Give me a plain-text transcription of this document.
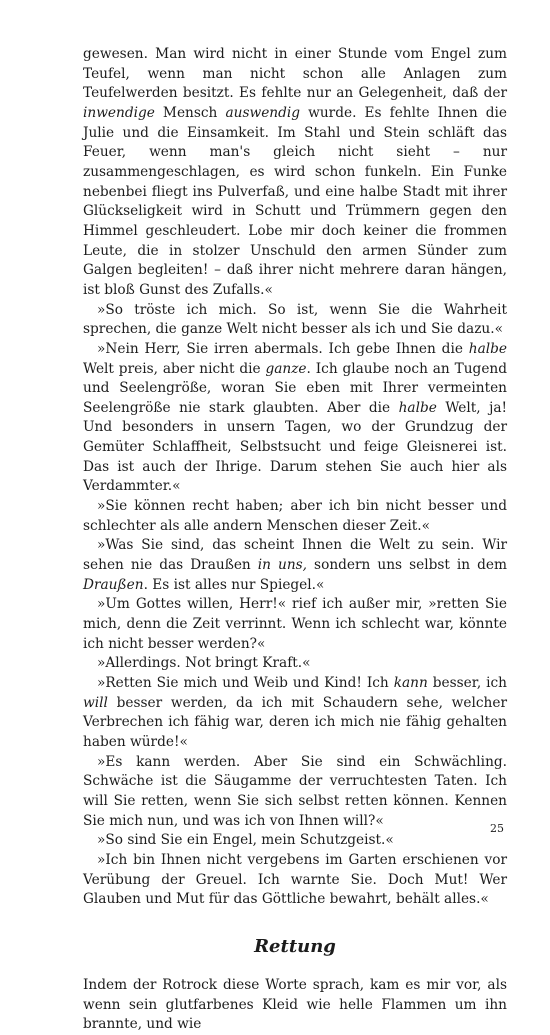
gewesen. Man wird nicht in einer Stunde vom Engel zum Teufel, wenn man nicht schon alle Anlagen zum Teufelwerden besitzt. Es fehlte nur an Gelegenheit, daß der inwendige Mensch auswendig wurde. Es fehlte Ihnen die Julie und die Einsamkeit. Im Stahl und Stein schläft das Feuer, wenn man's gleich nicht sieht – nur zusammengeschlagen, es wird schon funkeln. Ein Funke nebenbei fliegt ins Pulverfaß, und eine halbe Stadt mit ihrer Glückseligkeit wird in Schutt und Trümmern gegen den Himmel geschleudert. Lobe mir doch keiner die frommen Leute, die in stolzer Unschuld den armen Sünder zum Galgen begleiten! – daß ihrer nicht mehrere daran hängen, ist bloß Gunst des Zufalls.«

»So tröste ich mich. So ist, wenn Sie die Wahrheit sprechen, die ganze Welt nicht besser als ich und Sie dazu.«

»Nein Herr, Sie irren abermals. Ich gebe Ihnen die halbe Welt preis, aber nicht die ganze. Ich glaube noch an Tugend und Seelengröße, woran Sie eben mit Ihrer vermeinten Seelengröße nie stark glaubten. Aber die halbe Welt, ja! Und besonders in unsern Tagen, wo der Grundzug der Gemüter Schlaffheit, Selbstsucht und feige Gleisnerei ist. Das ist auch der Ihrige. Darum stehen Sie auch hier als Verdammter.«

»Sie können recht haben; aber ich bin nicht besser und schlechter als alle andern Menschen dieser Zeit.«

»Was Sie sind, das scheint Ihnen die Welt zu sein. Wir sehen nie das Draußen in uns, sondern uns selbst in dem Draußen. Es ist alles nur Spiegel.«

»Um Gottes willen, Herr!« rief ich außer mir, »retten Sie mich, denn die Zeit verrinnt. Wenn ich schlecht war, könnte ich nicht besser werden?«

»Allerdings. Not bringt Kraft.«

»Retten Sie mich und Weib und Kind! Ich kann besser, ich will besser werden, da ich mit Schaudern sehe, welcher Verbrechen ich fähig war, deren ich mich nie fähig gehalten haben würde!«

»Es kann werden. Aber Sie sind ein Schwächling. Schwäche ist die Säugamme der verruchtesten Taten. Ich will Sie retten, wenn Sie sich selbst retten können. Kennen Sie mich nun, und was ich von Ihnen will?«

»So sind Sie ein Engel, mein Schutzgeist.«

»Ich bin Ihnen nicht vergebens im Garten erschienen vor Verübung der Greuel. Ich warnte Sie. Doch Mut! Wer Glauben und Mut für das Göttliche bewahrt, behält alles.«

Rettung

Indem der Rotrock diese Worte sprach, kam es mir vor, als wenn sein glutfarbenes Kleid wie helle Flammen um ihn brannte, und wie

25
